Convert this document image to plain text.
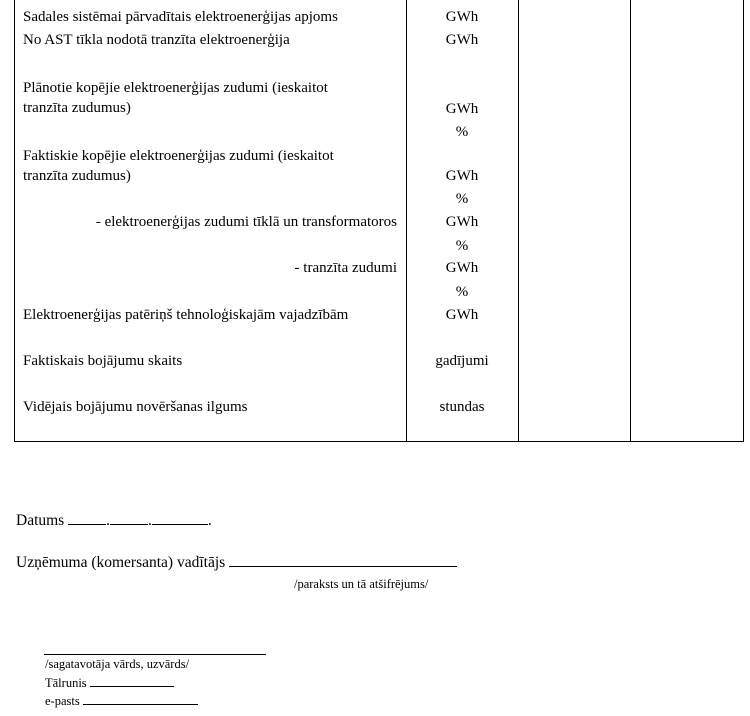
Sadales sistēmai pārvadītais elektroenerģijas apjoms	GWh
No AST tīkla nodotā tranzīta elektroenerģija	GWh
Plānotie kopējie elektroenerģijas zudumi (ieskaitot
tranzīta zudumus)	GWh
%
Faktiskie kopējie elektroenerģijas zudumi (ieskaitot
tranzīta zudumus)	GWh
%
- elektroenerģijas zudumi tīklā un transformatoros	GWh
%
- tranzīta zudumi	GWh
%
Elektroenerģijas patēriņš tehnoloģiskajām vajadzībām	GWh
Faktiskais bojājumu skaits	gadījumi
Vidējais bojājumu novēršanas ilgums	stundas
Datums	. .	.
Uzņēmuma (komersanta) vadītājs
/paraksts un tā atšifrējums/
/sagatavotāja vārds, uzvārds/
Tālrunis
e-pasts
